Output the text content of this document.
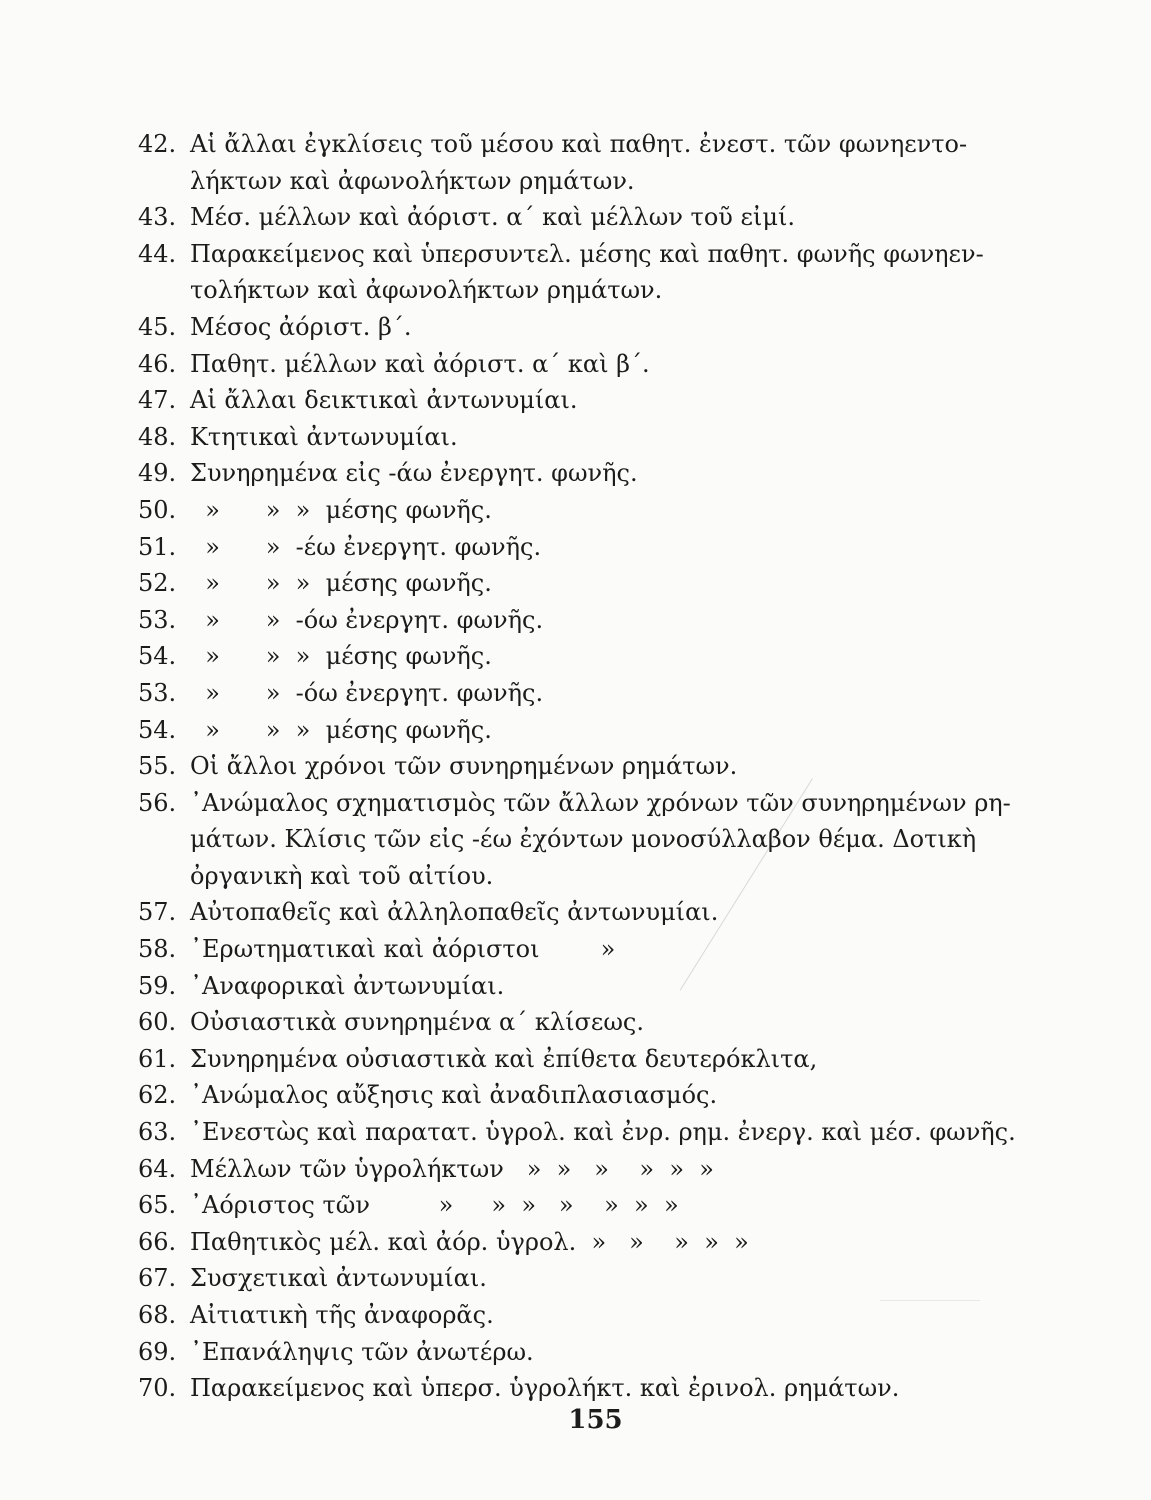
42. Αἱ ἄλλαι ἐγκλίσεις τοῦ μέσου καὶ παθητ. ἐνεστ. τῶν φωνηεντο-
λήκτων καὶ ἀφωνολήκτων ρημάτων.
43. Μέσ. μέλλων καὶ ἀόριστ. α΄ καὶ μέλλων τοῦ εἰμί.
44. Παρακείμενος καὶ ὑπερσυντελ. μέσης καὶ παθητ. φωνῆς φωνηεν-
τολήκτων καὶ ἀφωνολήκτων ρημάτων.
45. Μέσος ἀόριστ. β΄.
46. Παθητ. μέλλων καὶ ἀόριστ. α΄ καὶ β΄.
47. Αἱ ἄλλαι δεικτικαὶ ἀντωνυμίαι.
48. Κτητικαὶ ἀντωνυμίαι.
49. Συνηρημένα εἰς -άω ἐνεργητ. φωνῆς.
50.  »      »  »  μέσης φωνῆς.
51.  »      »  -έω ἐνεργητ. φωνῆς.
52.  »      »  »  μέσης φωνῆς.
53.  »      »  -όω ἐνεργητ. φωνῆς.
54.  »      »  »  μέσης φωνῆς.
53.  »      »  -όω ἐνεργητ. φωνῆς.
54.  »      »  »  μέσης φωνῆς.
55. Οἱ ἄλλοι χρόνοι τῶν συνηρημένων ρημάτων.
56. ᾿Ανώμαλος σχηματισμὸς τῶν ἄλλων χρόνων τῶν συνηρημένων ρη-
μάτων. Κλίσις τῶν εἰς -έω ἐχόντων μονοσύλλαβον θέμα. Δοτικὴ
ὀργανικὴ καὶ τοῦ αἰτίου.
57. Αὐτοπαθεῖς καὶ ἀλληλοπαθεῖς ἀντωνυμίαι.
58. ᾿Ερωτηματικαὶ καὶ ἀόριστοι        »
59. ᾿Αναφορικαὶ ἀντωνυμίαι.
60. Οὐσιαστικὰ συνηρημένα α΄ κλίσεως.
61. Συνηρημένα οὐσιαστικὰ καὶ ἐπίθετα δευτερόκλιτα,
62. ᾿Ανώμαλος αὔξησις καὶ ἀναδιπλασιασμός.
63. ᾿Ενεστὼς καὶ παρατατ. ὑγρολ. καὶ ἐνρ. ρημ. ἐνεργ. καὶ μέσ. φωνῆς.
64. Μέλλων τῶν ὑγρολήκτων   »  »   »    »  »  »
65. ᾿Αόριστος τῶν         »     »  »   »    »  »  »
66. Παθητικὸς μέλ. καὶ ἀόρ. ὑγρολ.  »   »    »  »  »
67. Συσχετικαὶ ἀντωνυμίαι.
68. Αἰτιατικὴ τῆς ἀναφορᾶς.
69. ᾿Επανάληψις τῶν ἀνωτέρω.
70. Παρακείμενος καὶ ὑπερσ. ὑγρολήκτ. καὶ ἐρινολ. ρημάτων.
155
